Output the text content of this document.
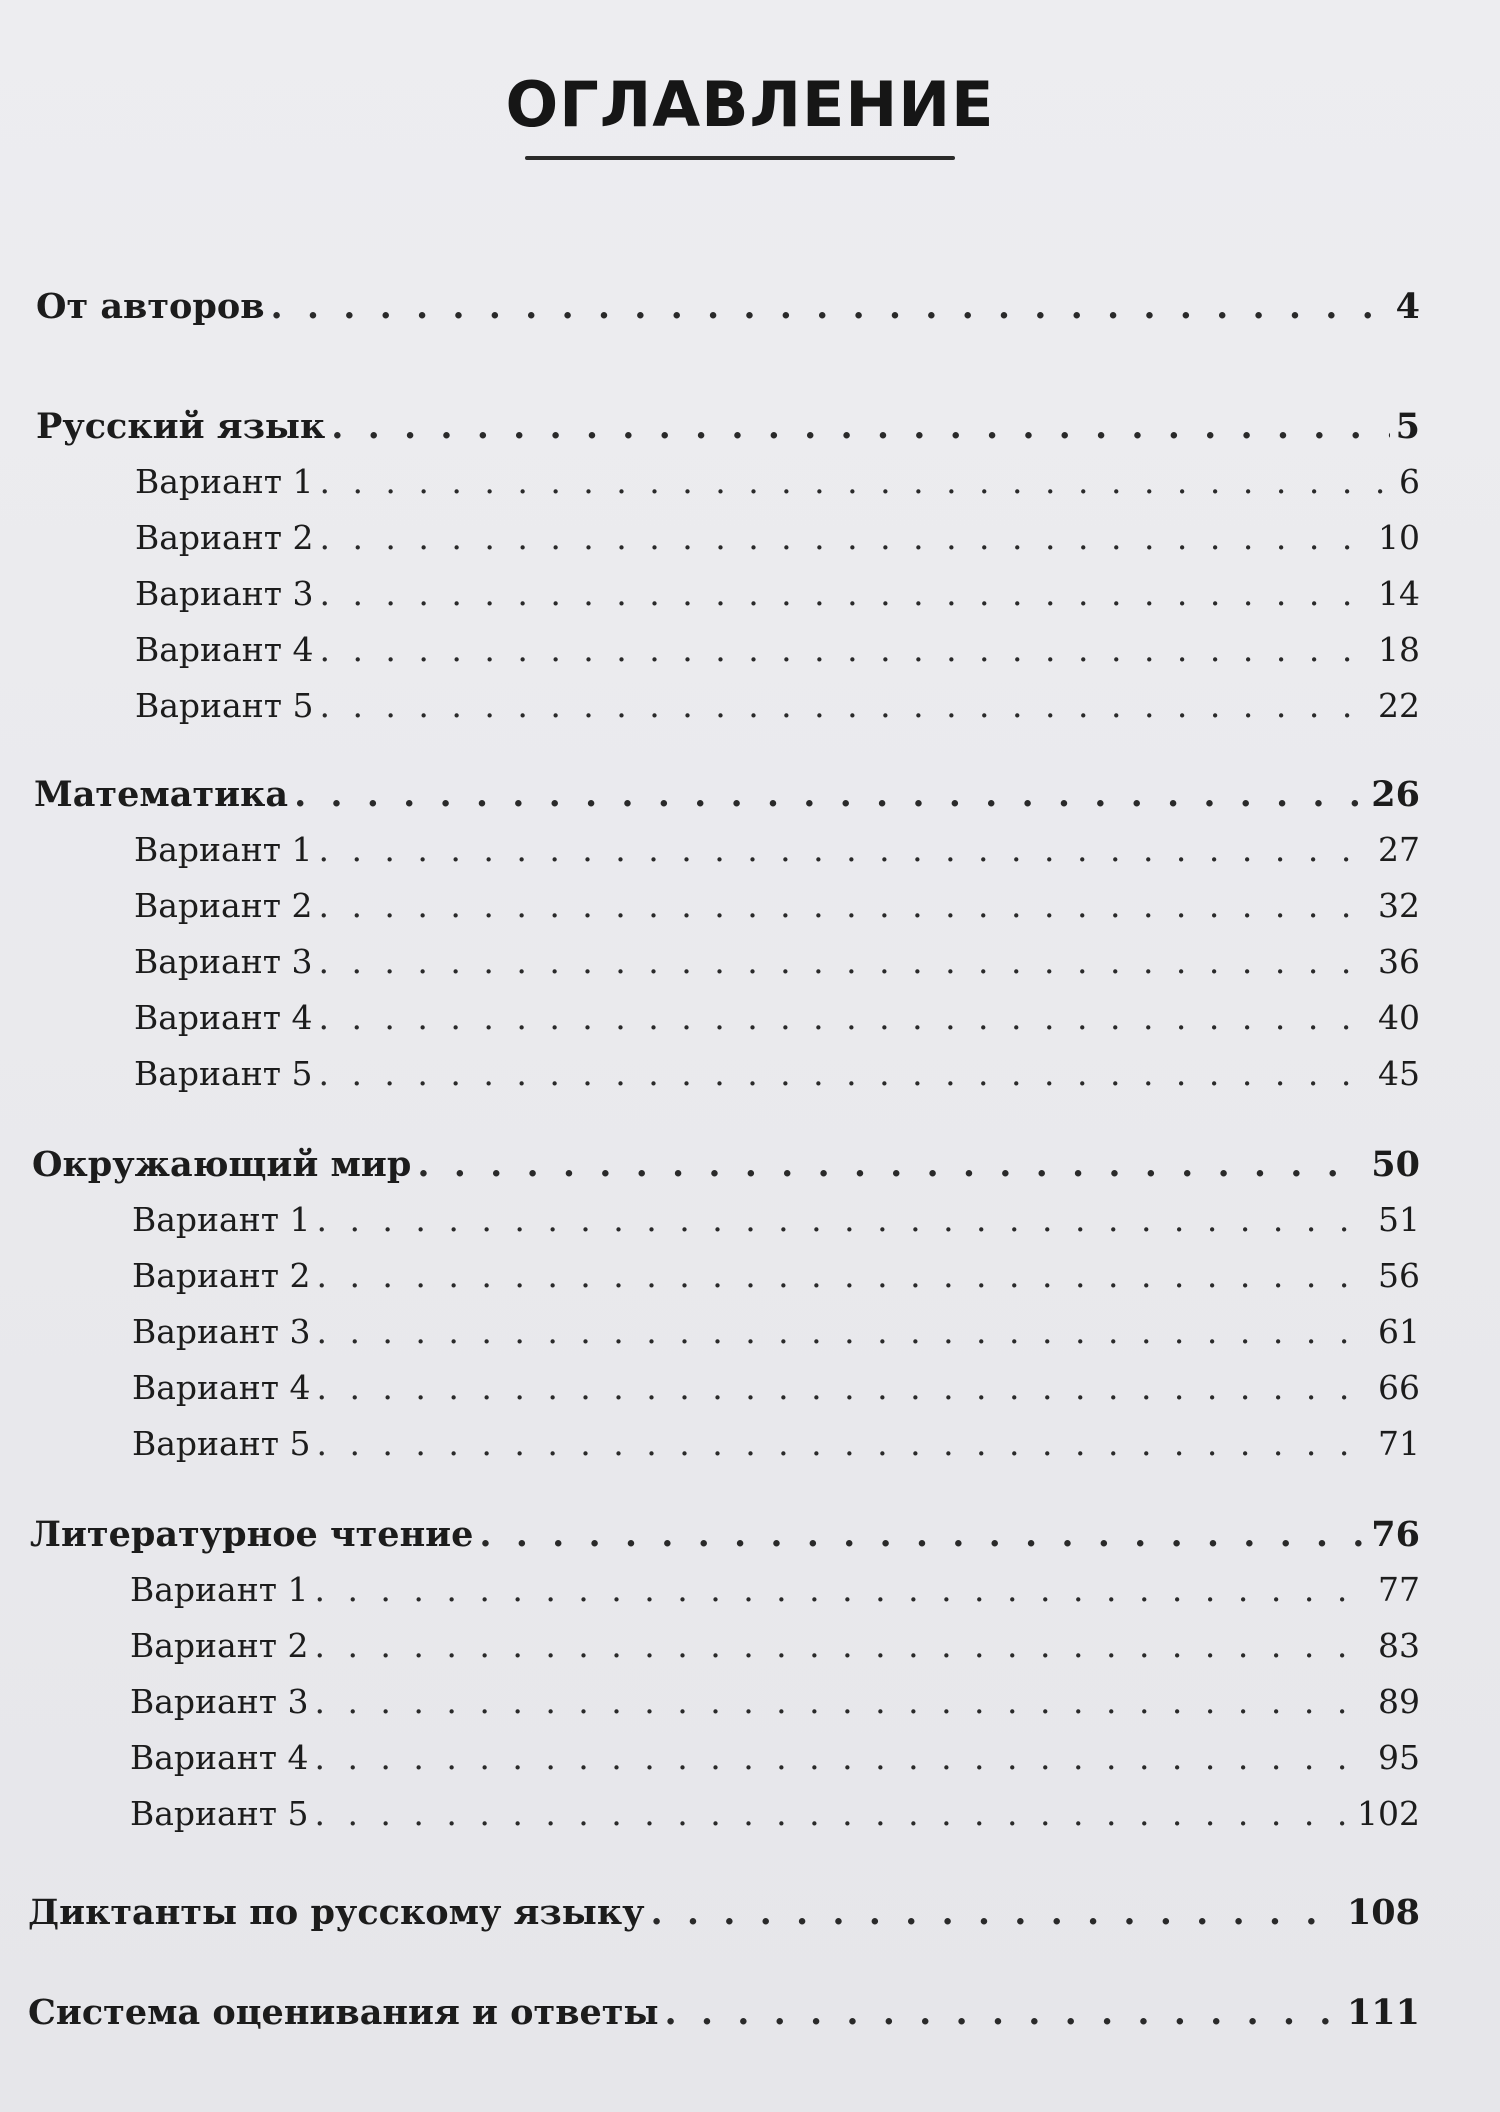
ОГЛАВЛЕНИЕ
От авторов . . .	4
Русский язык . . .	5
Вариант 1 . . .	6
Вариант 2 . . .	10
Вариант 3 . . .	14
Вариант 4 . . .	18
Вариант 5 . . .	22
Математика . . .	26
Вариант 1 . . .	27
Вариант 2 . . .	32
Вариант 3 . . .	36
Вариант 4 . . .	40
Вариант 5 . . .	45
Окружающий мир . . .	50
Вариант 1 . . .	51
Вариант 2 . . .	56
Вариант 3 . . .	61
Вариант 4 . . .	66
Вариант 5 . . .	71
Литературное чтение . . .	76
Вариант 1 . . .	77
Вариант 2 . . .	83
Вариант 3 . . .	89
Вариант 4 . . .	95
Вариант 5 . . .	102
Диктанты по русскому языку . . .	108
Система оценивания и ответы . . .	111
